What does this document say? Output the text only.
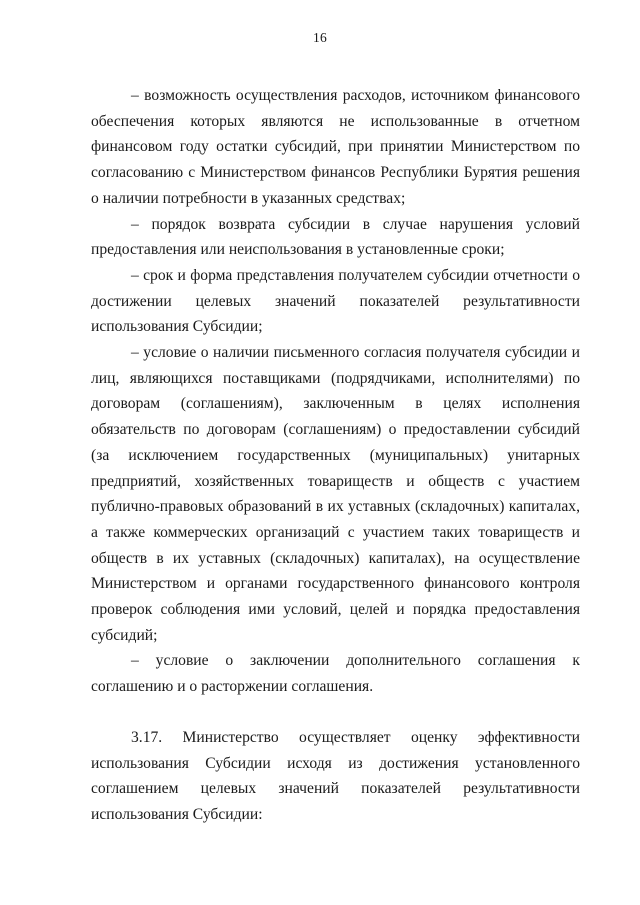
16

– возможность осуществления расходов, источником финансового обеспечения которых являются не использованные в отчетном финансовом году остатки субсидий, при принятии Министерством по согласованию с Министерством финансов Республики Бурятия решения о наличии потребности в указанных средствах;

– порядок возврата субсидии в случае нарушения условий предоставления или неиспользования в установленные сроки;

– срок и форма представления получателем субсидии отчетности о достижении целевых значений показателей результативности использования Субсидии;

– условие о наличии письменного согласия получателя субсидии и лиц, являющихся поставщиками (подрядчиками, исполнителями) по договорам (соглашениям), заключенным в целях исполнения обязательств по договорам (соглашениям) о предоставлении субсидий (за исключением государственных (муниципальных) унитарных предприятий, хозяйственных товариществ и обществ с участием публично-правовых образований в их уставных (складочных) капиталах, а также коммерческих организаций с участием таких товариществ и обществ в их уставных (складочных) капиталах), на осуществление Министерством и органами государственного финансового контроля проверок соблюдения ими условий, целей и порядка предоставления субсидий;

– условие о заключении дополнительного соглашения к соглашению и о расторжении соглашения.

3.17. Министерство осуществляет оценку эффективности использования Субсидии исходя из достижения установленного соглашением целевых значений показателей результативности использования Субсидии:
